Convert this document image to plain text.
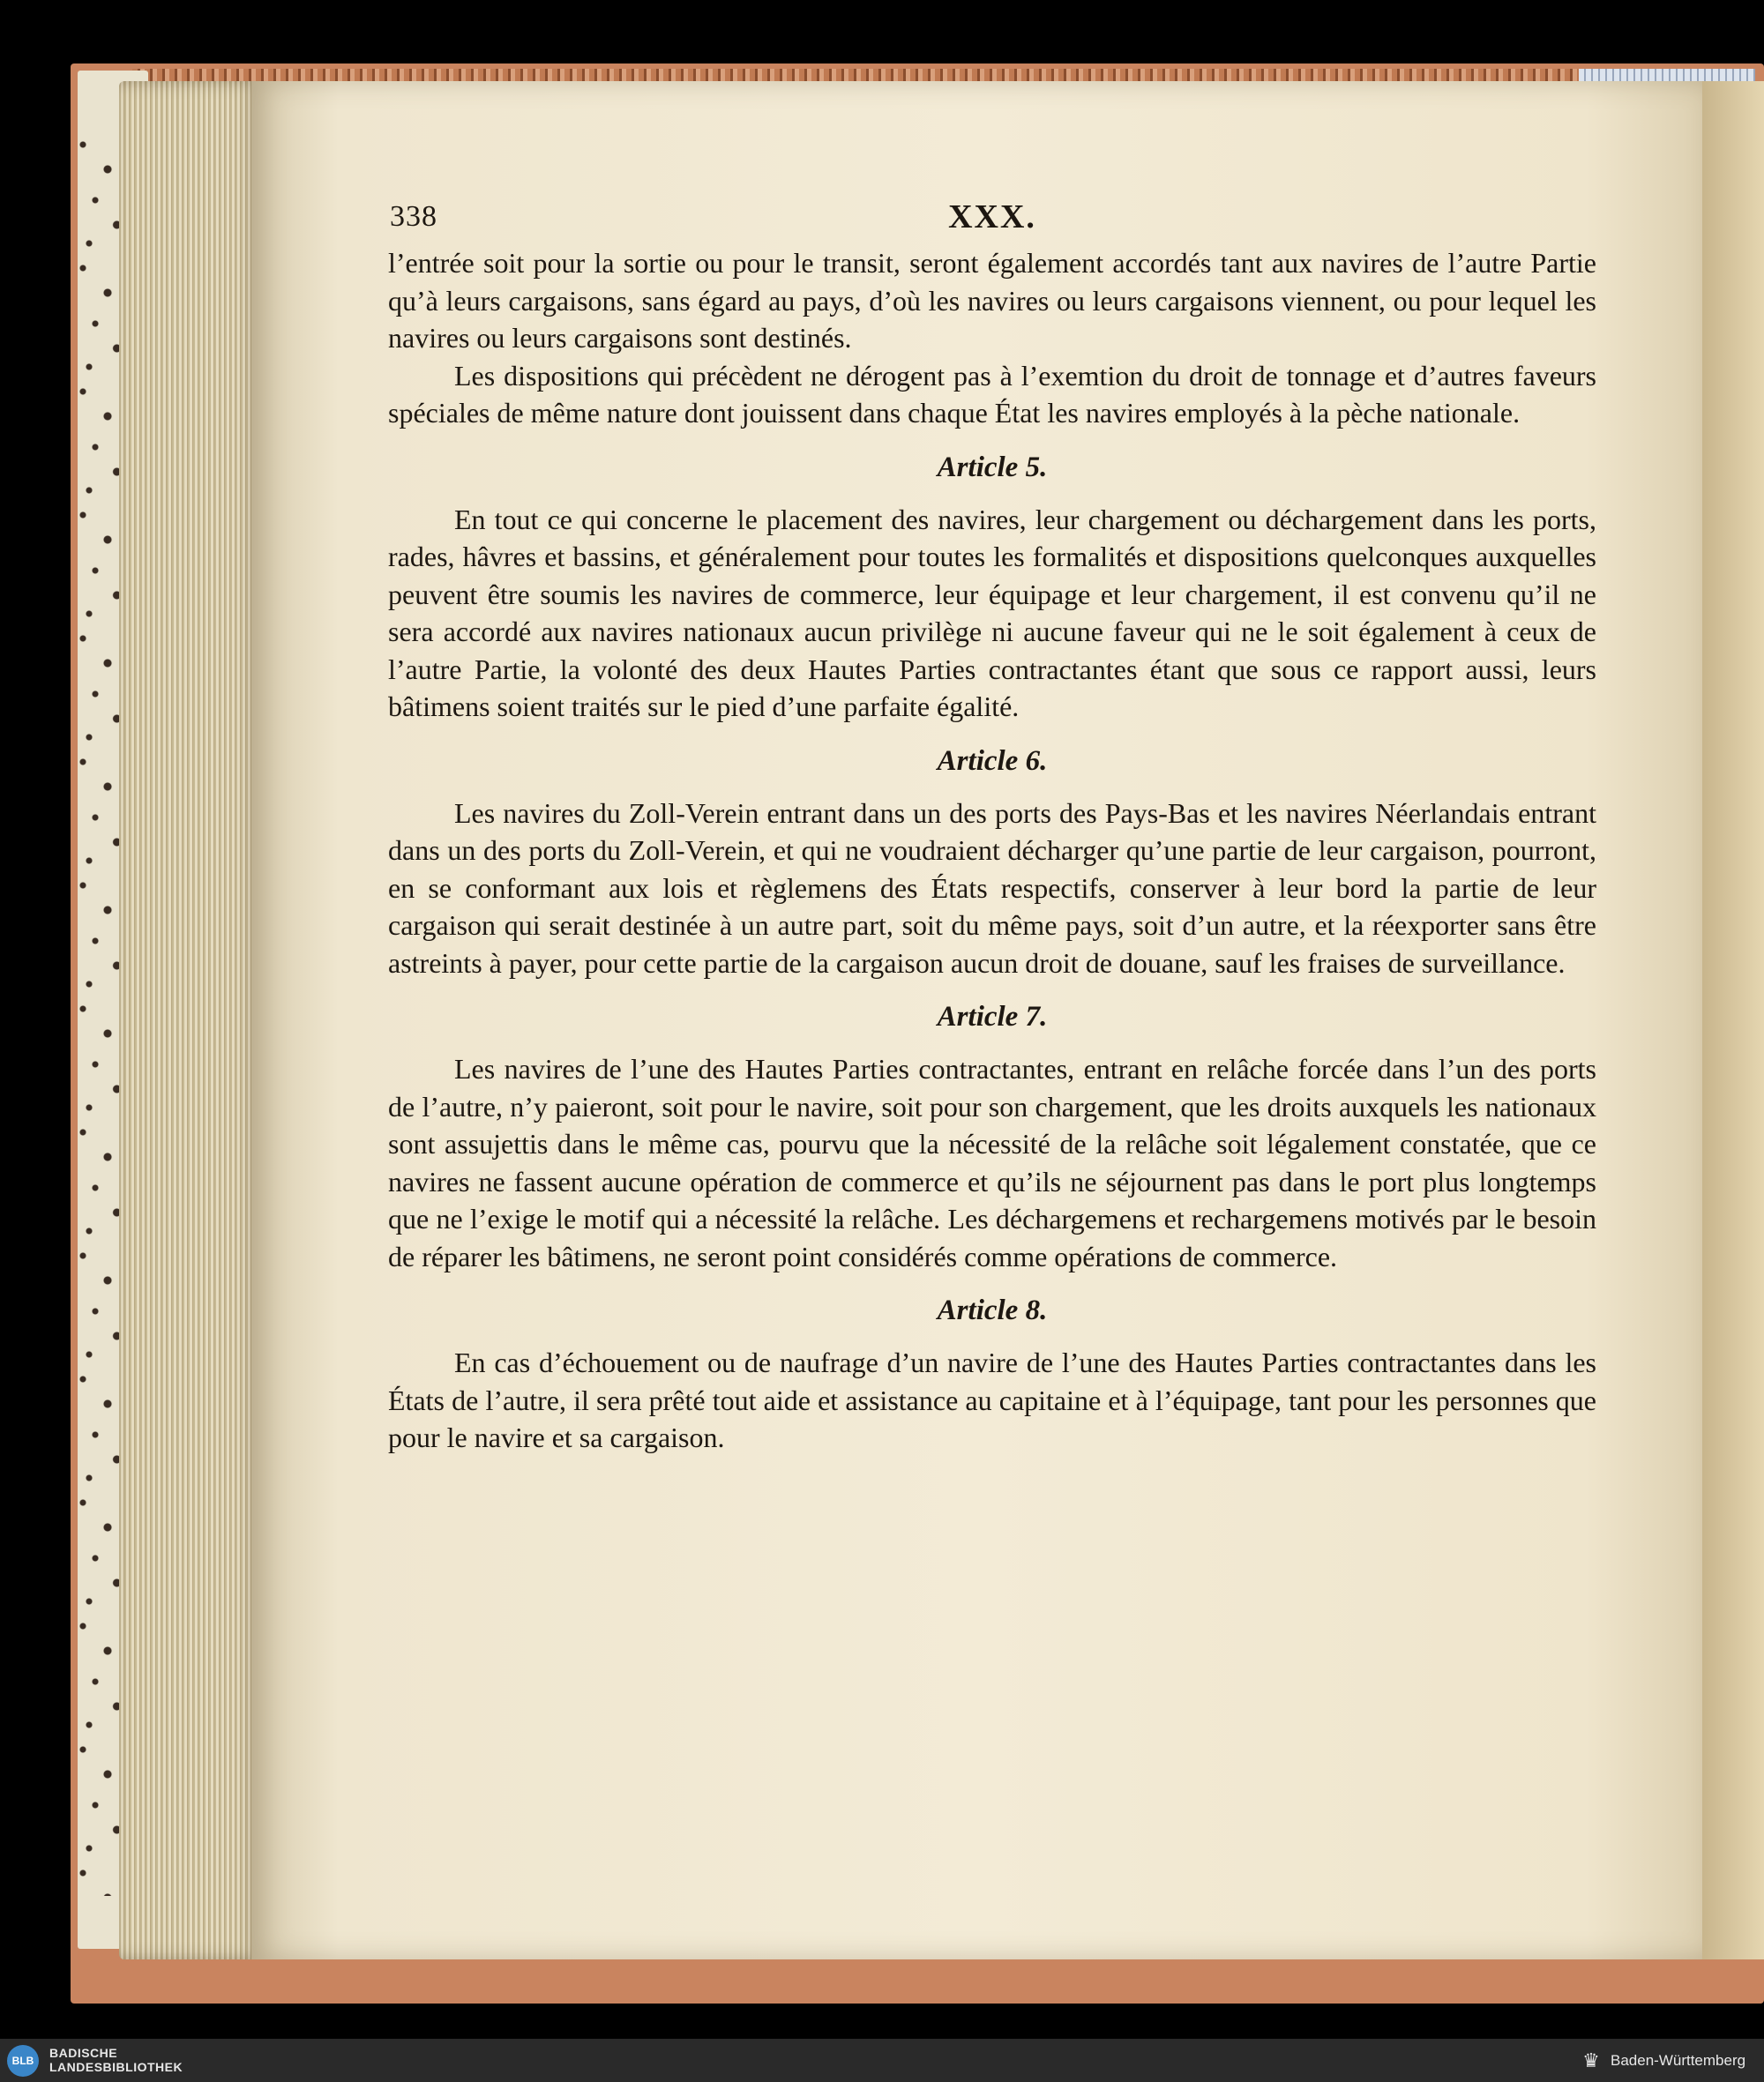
338	XXX.

l’entrée soit pour la sortie ou pour le transit, seront également accordés tant aux navires de l’autre Partie qu’à leurs cargaisons, sans égard au pays, d’où les navires ou leurs cargaisons viennent, ou pour lequel les navires ou leurs cargaisons sont destinés.

Les dispositions qui précèdent ne dérogent pas à l’exemtion du droit de tonnage et d’autres faveurs spéciales de même nature dont jouissent dans chaque État les navires employés à la pèche nationale.

Article 5.

En tout ce qui concerne le placement des navires, leur chargement ou déchargement dans les ports, rades, hâvres et bassins, et généralement pour toutes les formalités et dispositions quelconques auxquelles peuvent être soumis les navires de commerce, leur équipage et leur chargement, il est convenu qu’il ne sera accordé aux navires nationaux aucun privilège ni aucune faveur qui ne le soit également à ceux de l’autre Partie, la volonté des deux Hautes Parties contractantes étant que sous ce rapport aussi, leurs bâtimens soient traités sur le pied d’une parfaite égalité.

Article 6.

Les navires du Zoll-Verein entrant dans un des ports des Pays-Bas et les navires Néerlandais entrant dans un des ports du Zoll-Verein, et qui ne voudraient décharger qu’une partie de leur cargaison, pourront, en se conformant aux lois et règlemens des États respectifs, conserver à leur bord la partie de leur cargaison qui serait destinée à un autre part, soit du même pays, soit d’un autre, et la réexporter sans être astreints à payer, pour cette partie de la cargaison aucun droit de douane, sauf les fraises de surveillance.

Article 7.

Les navires de l’une des Hautes Parties contractantes, entrant en relâche forcée dans l’un des ports de l’autre, n’y paieront, soit pour le navire, soit pour son chargement, que les droits auxquels les nationaux sont assujettis dans le même cas, pourvu que la nécessité de la relâche soit légalement constatée, que ce navires ne fassent aucune opération de commerce et qu’ils ne séjournent pas dans le port plus longtemps que ne l’exige le motif qui a nécessité la relâche. Les déchargemens et rechargemens motivés par le besoin de réparer les bâtimens, ne seront point considérés comme opérations de commerce.

Article 8.

En cas d’échouement ou de naufrage d’un navire de l’une des Hautes Parties contractantes dans les États de l’autre, il sera prêté tout aide et assistance au capitaine et à l’équipage, tant pour les personnes que pour le navire et sa cargaison.

BLB
BADISCHE
LANDESBIBLIOTHEK	♛ Baden-Württemberg
